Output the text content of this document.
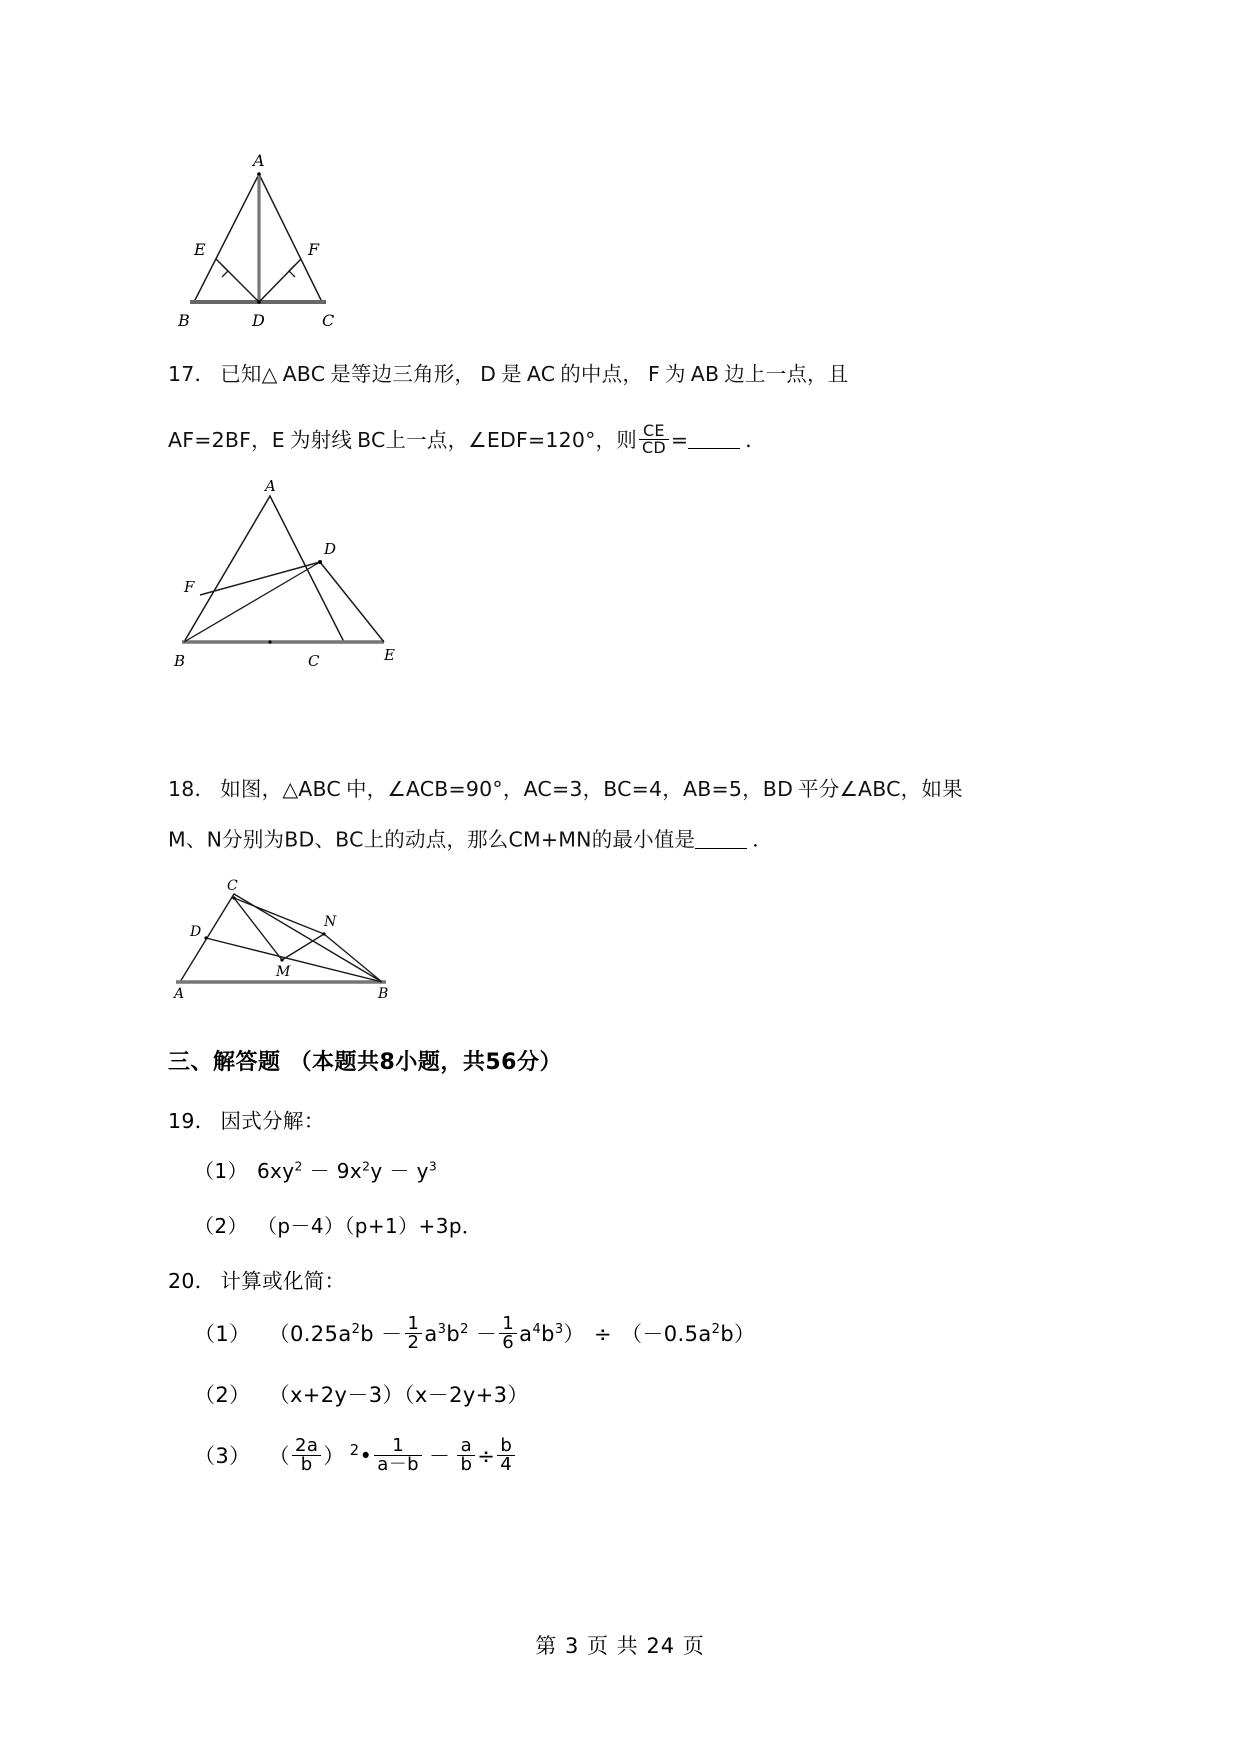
A
E	F
B	D	C
17． 已知△ ABC 是等边三角形， D 是 AC 的中点， F 为 AB 边上一点，且
AF=2BF，E 为射线 BC上一点，∠EDF=120°，则 $\frac{CE}{CD}$ =	．
A
D
F
B	C	E
18． 如图，△ABC 中，∠ACB=90°，AC=3，BC=4，AB=5，BD 平分∠ABC，如果
M、N分别为BD、BC上的动点，那么CM+MN的最小值是	．
C
D
N
M
A	B
三、解答题 （本题共8小题，共56分）
19． 因式分解：
（1） $6xy^2 - 9x^2y - y^3$
（2） （p－4）（p+1）+3p．
20． 计算或化简：
（1） $(0.25a^2b - \frac{1}{2} a^3b^2 - \frac{1}{6} a^4b^3) \div (-0.5a^2b)$
（2） （x+2y－3）（x－2y+3）
（3） （ $\frac{2a}{b}$ ） $^2$• $\frac{1}{a-b} - \frac{a}{b} \div \frac{b}{4}$
第 3 页 共 24 页
